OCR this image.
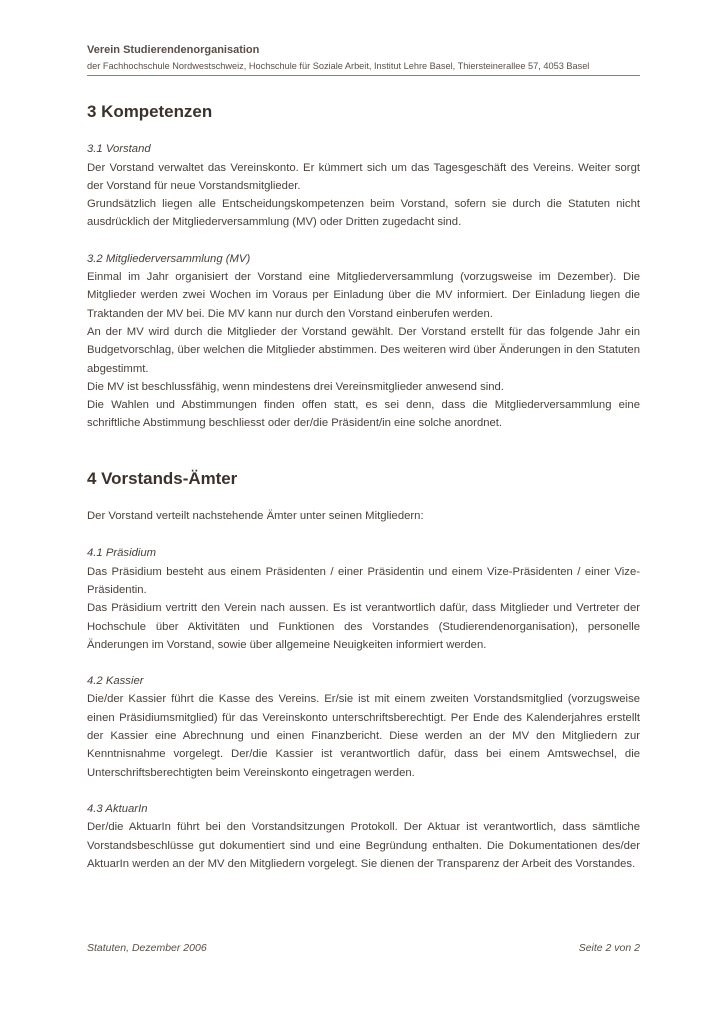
Verein Studierendenorganisation
der Fachhochschule Nordwestschweiz, Hochschule für Soziale Arbeit, Institut Lehre Basel, Thiersteinerallee 57, 4053 Basel
3 Kompetenzen
3.1 Vorstand

Der Vorstand verwaltet das Vereinskonto. Er kümmert sich um das Tagesgeschäft des Vereins. Weiter sorgt der Vorstand für neue Vorstandsmitglieder.

Grundsätzlich liegen alle Entscheidungskompetenzen beim Vorstand, sofern sie durch die Statuten nicht ausdrücklich der Mitgliederversammlung (MV) oder Dritten zugedacht sind.

3.2 Mitgliederversammlung (MV)

Einmal im Jahr organisiert der Vorstand eine Mitgliederversammlung (vorzugsweise im Dezember). Die Mitglieder werden zwei Wochen im Voraus per Einladung über die MV informiert. Der Einladung liegen die Traktanden der MV bei. Die MV kann nur durch den Vorstand einberufen werden.

An der MV wird durch die Mitglieder der Vorstand gewählt. Der Vorstand erstellt für das folgende Jahr ein Budgetvorschlag, über welchen die Mitglieder abstimmen. Des weiteren wird über Änderungen in den Statuten abgestimmt.

Die MV ist beschlussfähig, wenn mindestens drei Vereinsmitglieder anwesend sind.

Die Wahlen und Abstimmungen finden offen statt, es sei denn, dass die Mitgliederversammlung eine schriftliche Abstimmung beschliesst oder der/die Präsident/in eine solche anordnet.

4 Vorstands-Ämter

Der Vorstand verteilt nachstehende Ämter unter seinen Mitgliedern:

4.1 Präsidium

Das Präsidium besteht aus einem Präsidenten / einer Präsidentin und einem Vize-Präsidenten / einer Vize-Präsidentin.

Das Präsidium vertritt den Verein nach aussen. Es ist verantwortlich dafür, dass Mitglieder und Vertreter der Hochschule über Aktivitäten und Funktionen des Vorstandes (Studierendenorganisation), personelle Änderungen im Vorstand, sowie über allgemeine Neuigkeiten informiert werden.

4.2 Kassier

Die/der Kassier führt die Kasse des Vereins. Er/sie ist mit einem zweiten Vorstandsmitglied (vorzugsweise einen Präsidiumsmitglied) für das Vereinskonto unterschriftsberechtigt. Per Ende des Kalenderjahres erstellt der Kassier eine Abrechnung und einen Finanzbericht. Diese werden an der MV den Mitgliedern zur Kenntnisnahme vorgelegt. Der/die Kassier ist verantwortlich dafür, dass bei einem Amtswechsel, die Unterschriftsberechtigten beim Vereinskonto eingetragen werden.

4.3 AktuarIn

Der/die AktuarIn führt bei den Vorstandsitzungen Protokoll. Der Aktuar ist verantwortlich, dass sämtliche Vorstandsbeschlüsse gut dokumentiert sind und eine Begründung enthalten. Die Dokumentationen des/der AktuarIn werden an der MV den Mitgliedern vorgelegt. Sie dienen der Transparenz der Arbeit des Vorstandes.

Statuten, Dezember 2006	Seite 2 von 2
